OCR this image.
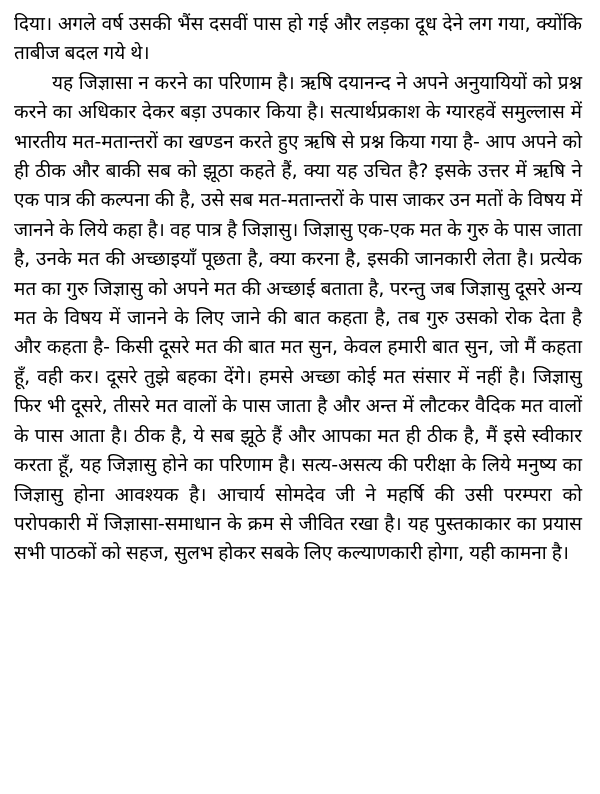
दिया। अगले वर्ष उसकी भैंस दसवीं पास हो गई और लड़का दूध देने लग गया, क्योंकि ताबीज बदल गये थे।

यह जिज्ञासा न करने का परिणाम है। ऋषि दयानन्द ने अपने अनुयायियों को प्रश्न करने का अधिकार देकर बड़ा उपकार किया है। सत्यार्थप्रकाश के ग्यारहवें समुल्लास में भारतीय मत-मतान्तरों का खण्डन करते हुए ऋषि से प्रश्न किया गया है- आप अपने को ही ठीक और बाकी सब को झूठा कहते हैं, क्या यह उचित है? इसके उत्तर में ऋषि ने एक पात्र की कल्पना की है, उसे सब मत-मतान्तरों के पास जाकर उन मतों के विषय में जानने के लिये कहा है। वह पात्र है जिज्ञासु। जिज्ञासु एक-एक मत के गुरु के पास जाता है, उनके मत की अच्छाइयाँ पूछता है, क्या करना है, इसकी जानकारी लेता है। प्रत्येक मत का गुरु जिज्ञासु को अपने मत की अच्छाई बताता है, परन्तु जब जिज्ञासु दूसरे अन्य मत के विषय में जानने के लिए जाने की बात कहता है, तब गुरु उसको रोक देता है और कहता है- किसी दूसरे मत की बात मत सुन, केवल हमारी बात सुन, जो मैं कहता हूँ, वही कर। दूसरे तुझे बहका देंगे। हमसे अच्छा कोई मत संसार में नहीं है। जिज्ञासु फिर भी दूसरे, तीसरे मत वालों के पास जाता है और अन्त में लौटकर वैदिक मत वालों के पास आता है। ठीक है, ये सब झूठे हैं और आपका मत ही ठीक है, मैं इसे स्वीकार करता हूँ, यह जिज्ञासु होने का परिणाम है। सत्य-असत्य की परीक्षा के लिये मनुष्य का जिज्ञासु होना आवश्यक है। आचार्य सोमदेव जी ने महर्षि की उसी परम्परा को परोपकारी में जिज्ञासा-समाधान के क्रम से जीवित रखा है। यह पुस्तकाकार का प्रयास सभी पाठकों को सहज, सुलभ होकर सबके लिए कल्याणकारी होगा, यही कामना है।
